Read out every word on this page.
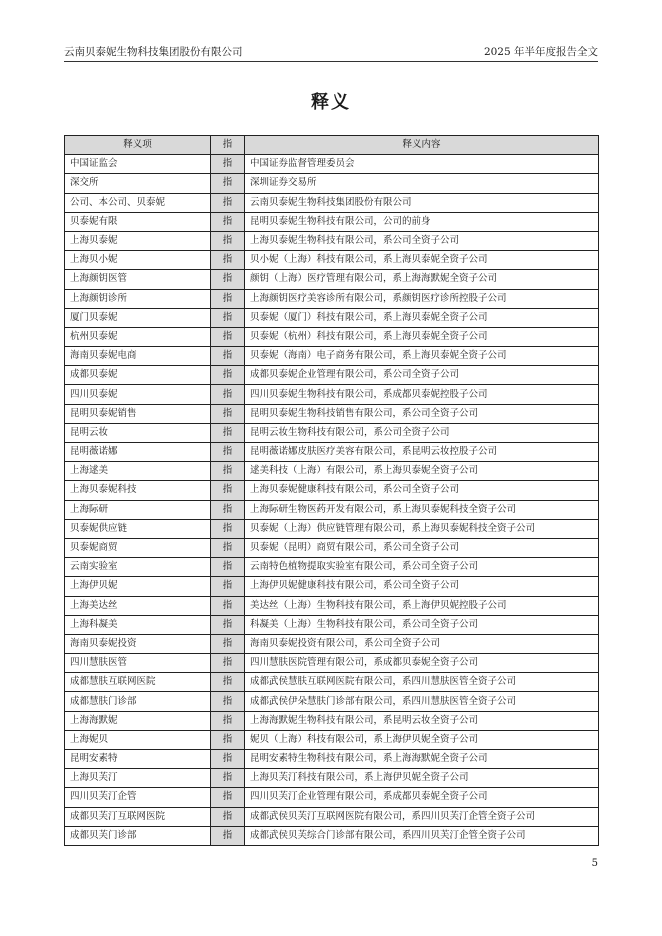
云南贝泰妮生物科技集团股份有限公司	2025 年半年度报告全文
释义
释义项	指	释义内容
中国证监会	指	中国证券监督管理委员会
深交所	指	深圳证券交易所
公司、本公司、贝泰妮	指	云南贝泰妮生物科技集团股份有限公司
贝泰妮有限	指	昆明贝泰妮生物科技有限公司，公司的前身
上海贝泰妮	指	上海贝泰妮生物科技有限公司，系公司全资子公司
上海贝小妮	指	贝小妮（上海）科技有限公司，系上海贝泰妮全资子公司
上海颜钥医管	指	颜钥（上海）医疗管理有限公司，系上海海默妮全资子公司
上海颜钥诊所	指	上海颜钥医疗美容诊所有限公司，系颜钥医疗诊所控股子公司
厦门贝泰妮	指	贝泰妮（厦门）科技有限公司，系上海贝泰妮全资子公司
杭州贝泰妮	指	贝泰妮（杭州）科技有限公司，系上海贝泰妮全资子公司
海南贝泰妮电商	指	贝泰妮（海南）电子商务有限公司，系上海贝泰妮全资子公司
成都贝泰妮	指	成都贝泰妮企业管理有限公司，系公司全资子公司
四川贝泰妮	指	四川贝泰妮生物科技有限公司，系成都贝泰妮控股子公司
昆明贝泰妮销售	指	昆明贝泰妮生物科技销售有限公司，系公司全资子公司
昆明云妆	指	昆明云妆生物科技有限公司，系公司全资子公司
昆明薇诺娜	指	昆明薇诺娜皮肤医疗美容有限公司，系昆明云妆控股子公司
上海逑美	指	逑美科技（上海）有限公司，系上海贝泰妮全资子公司
上海贝泰妮科技	指	上海贝泰妮健康科技有限公司，系公司全资子公司
上海际研	指	上海际研生物医药开发有限公司，系上海贝泰妮科技全资子公司
贝泰妮供应链	指	贝泰妮（上海）供应链管理有限公司，系上海贝泰妮科技全资子公司
贝泰妮商贸	指	贝泰妮（昆明）商贸有限公司，系公司全资子公司
云南实验室	指	云南特色植物提取实验室有限公司，系公司全资子公司
上海伊贝妮	指	上海伊贝妮健康科技有限公司，系公司全资子公司
上海美达丝	指	美达丝（上海）生物科技有限公司，系上海伊贝妮控股子公司
上海科凝美	指	科凝美（上海）生物科技有限公司，系公司全资子公司
海南贝泰妮投资	指	海南贝泰妮投资有限公司，系公司全资子公司
四川慧肤医管	指	四川慧肤医院管理有限公司，系成都贝泰妮全资子公司
成都慧肤互联网医院	指	成都武侯慧肤互联网医院有限公司，系四川慧肤医管全资子公司
成都慧肤门诊部	指	成都武侯伊朵慧肤门诊部有限公司，系四川慧肤医管全资子公司
上海海默妮	指	上海海默妮生物科技有限公司，系昆明云妆全资子公司
上海妮贝	指	妮贝（上海）科技有限公司，系上海伊贝妮全资子公司
昆明安素特	指	昆明安素特生物科技有限公司，系上海海默妮全资子公司
上海贝芙汀	指	上海贝芙汀科技有限公司，系上海伊贝妮全资子公司
四川贝芙汀企管	指	四川贝芙汀企业管理有限公司，系成都贝泰妮全资子公司
成都贝芙汀互联网医院	指	成都武侯贝芙汀互联网医院有限公司，系四川贝芙汀企管全资子公司
成都贝芙门诊部	指	成都武侯贝芙综合门诊部有限公司，系四川贝芙汀企管全资子公司
5
